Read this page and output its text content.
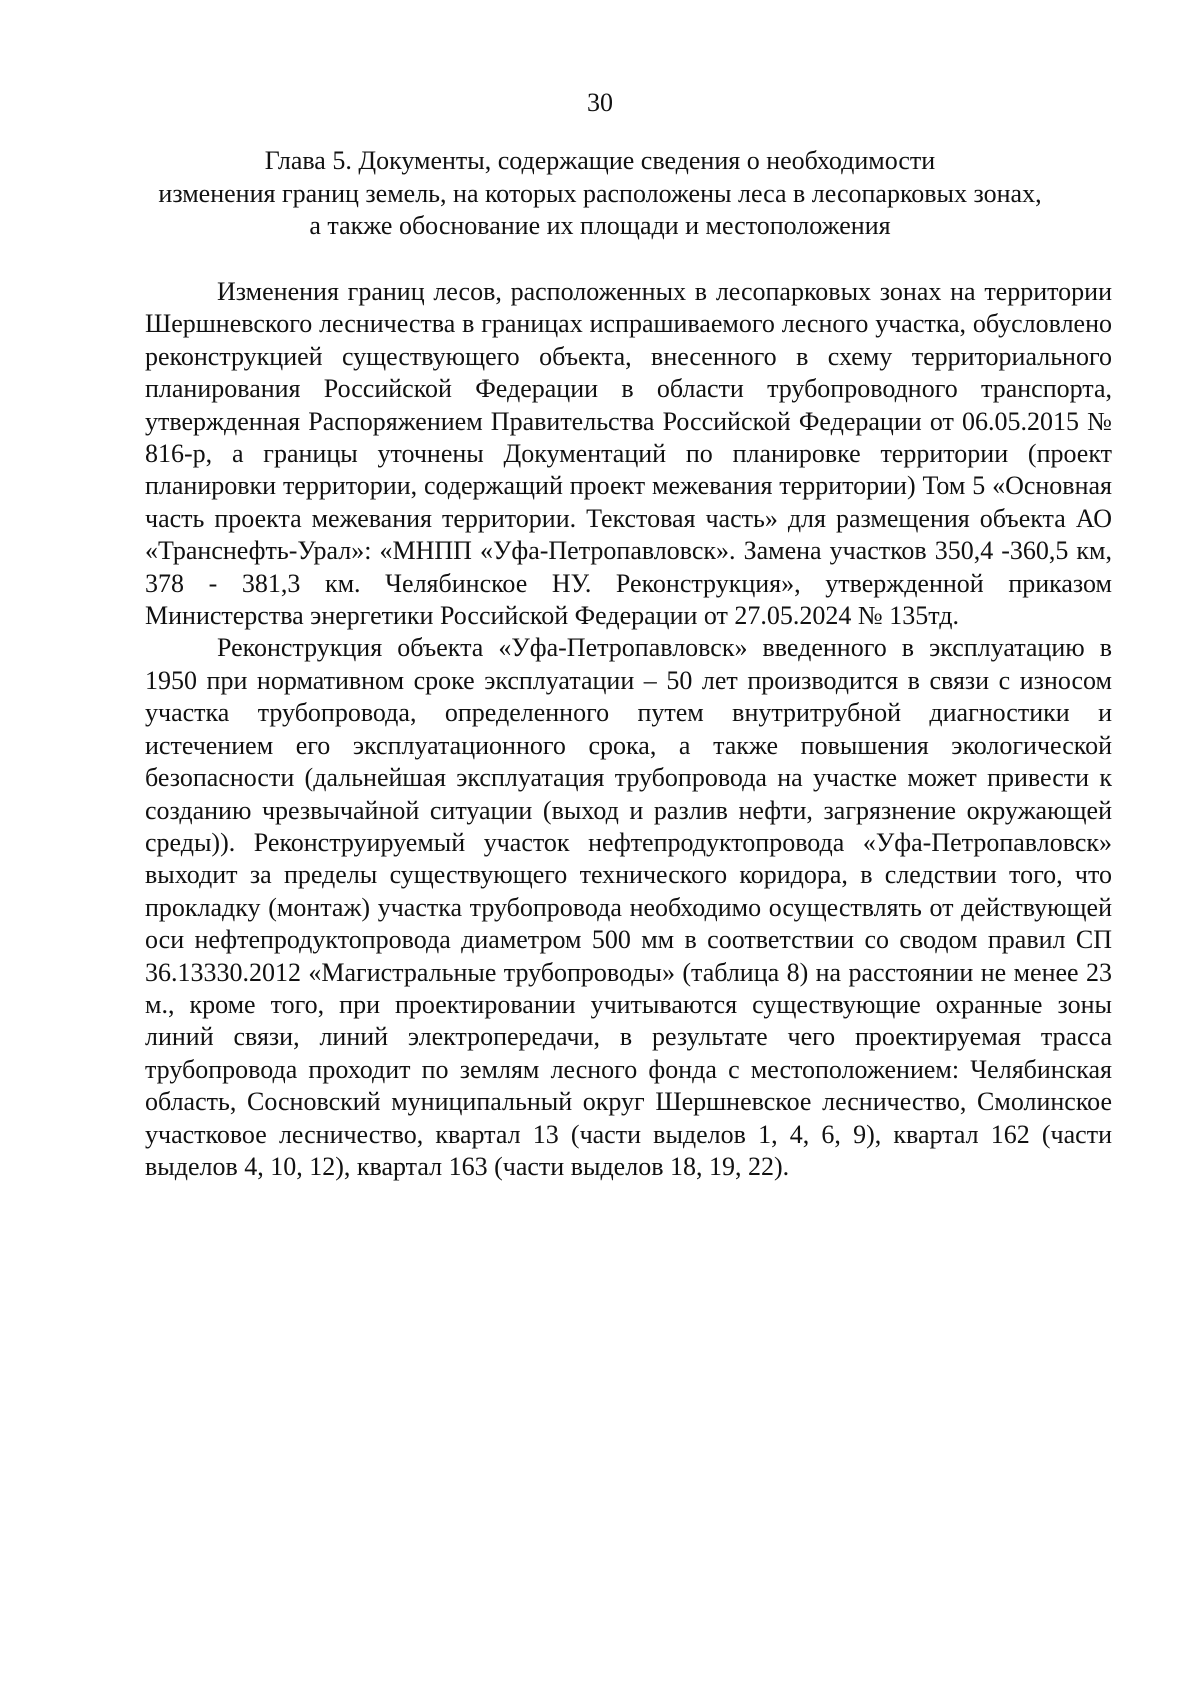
30
Глава 5. Документы, содержащие сведения о необходимости
изменения границ земель, на которых расположены леса в лесопарковых зонах,
а также обоснование их площади и местоположения

Изменения границ лесов, расположенных в лесопарковых зонах на территории Шершневского лесничества в границах испрашиваемого лесного участка, обусловлено реконструкцией существующего объекта, внесенного в схему территориального планирования Российской Федерации в области трубопроводного транспорта, утвержденная Распоряжением Правительства Российской Федерации от 06.05.2015 № 816-р, а границы уточнены Документаций по планировке территории (проект планировки территории, содержащий проект межевания территории) Том 5 «Основная часть проекта межевания территории. Текстовая часть» для размещения объекта АО «Транснефть-Урал»: «МНПП «Уфа-Петропавловск». Замена участков 350,4 -360,5 км, 378 - 381,3 км. Челябинское НУ. Реконструкция», утвержденной приказом Министерства энергетики Российской Федерации от 27.05.2024 № 135тд.

Реконструкция объекта «Уфа-Петропавловск» введенного в эксплуатацию в 1950 при нормативном сроке эксплуатации – 50 лет производится в связи с износом участка трубопровода, определенного путем внутритрубной диагностики и истечением его эксплуатационного срока, а также повышения экологической безопасности (дальнейшая эксплуатация трубопровода на участке может привести к созданию чрезвычайной ситуации (выход и разлив нефти, загрязнение окружающей среды)). Реконструируемый участок нефтепродуктопровода «Уфа-Петропавловск» выходит за пределы существующего технического коридора, в следствии того, что прокладку (монтаж) участка трубопровода необходимо осуществлять от действующей оси нефтепродуктопровода диаметром 500 мм в соответствии со сводом правил СП 36.13330.2012 «Магистральные трубопроводы» (таблица 8) на расстоянии не менее 23 м., кроме того, при проектировании учитываются существующие охранные зоны линий связи, линий электропередачи, в результате чего проектируемая трасса трубопровода проходит по землям лесного фонда с местоположением: Челябинская область, Сосновский муниципальный округ Шершневское лесничество, Смолинское участковое лесничество, квартал 13 (части выделов 1, 4, 6, 9), квартал 162 (части выделов 4, 10, 12), квартал 163 (части выделов 18, 19, 22).
